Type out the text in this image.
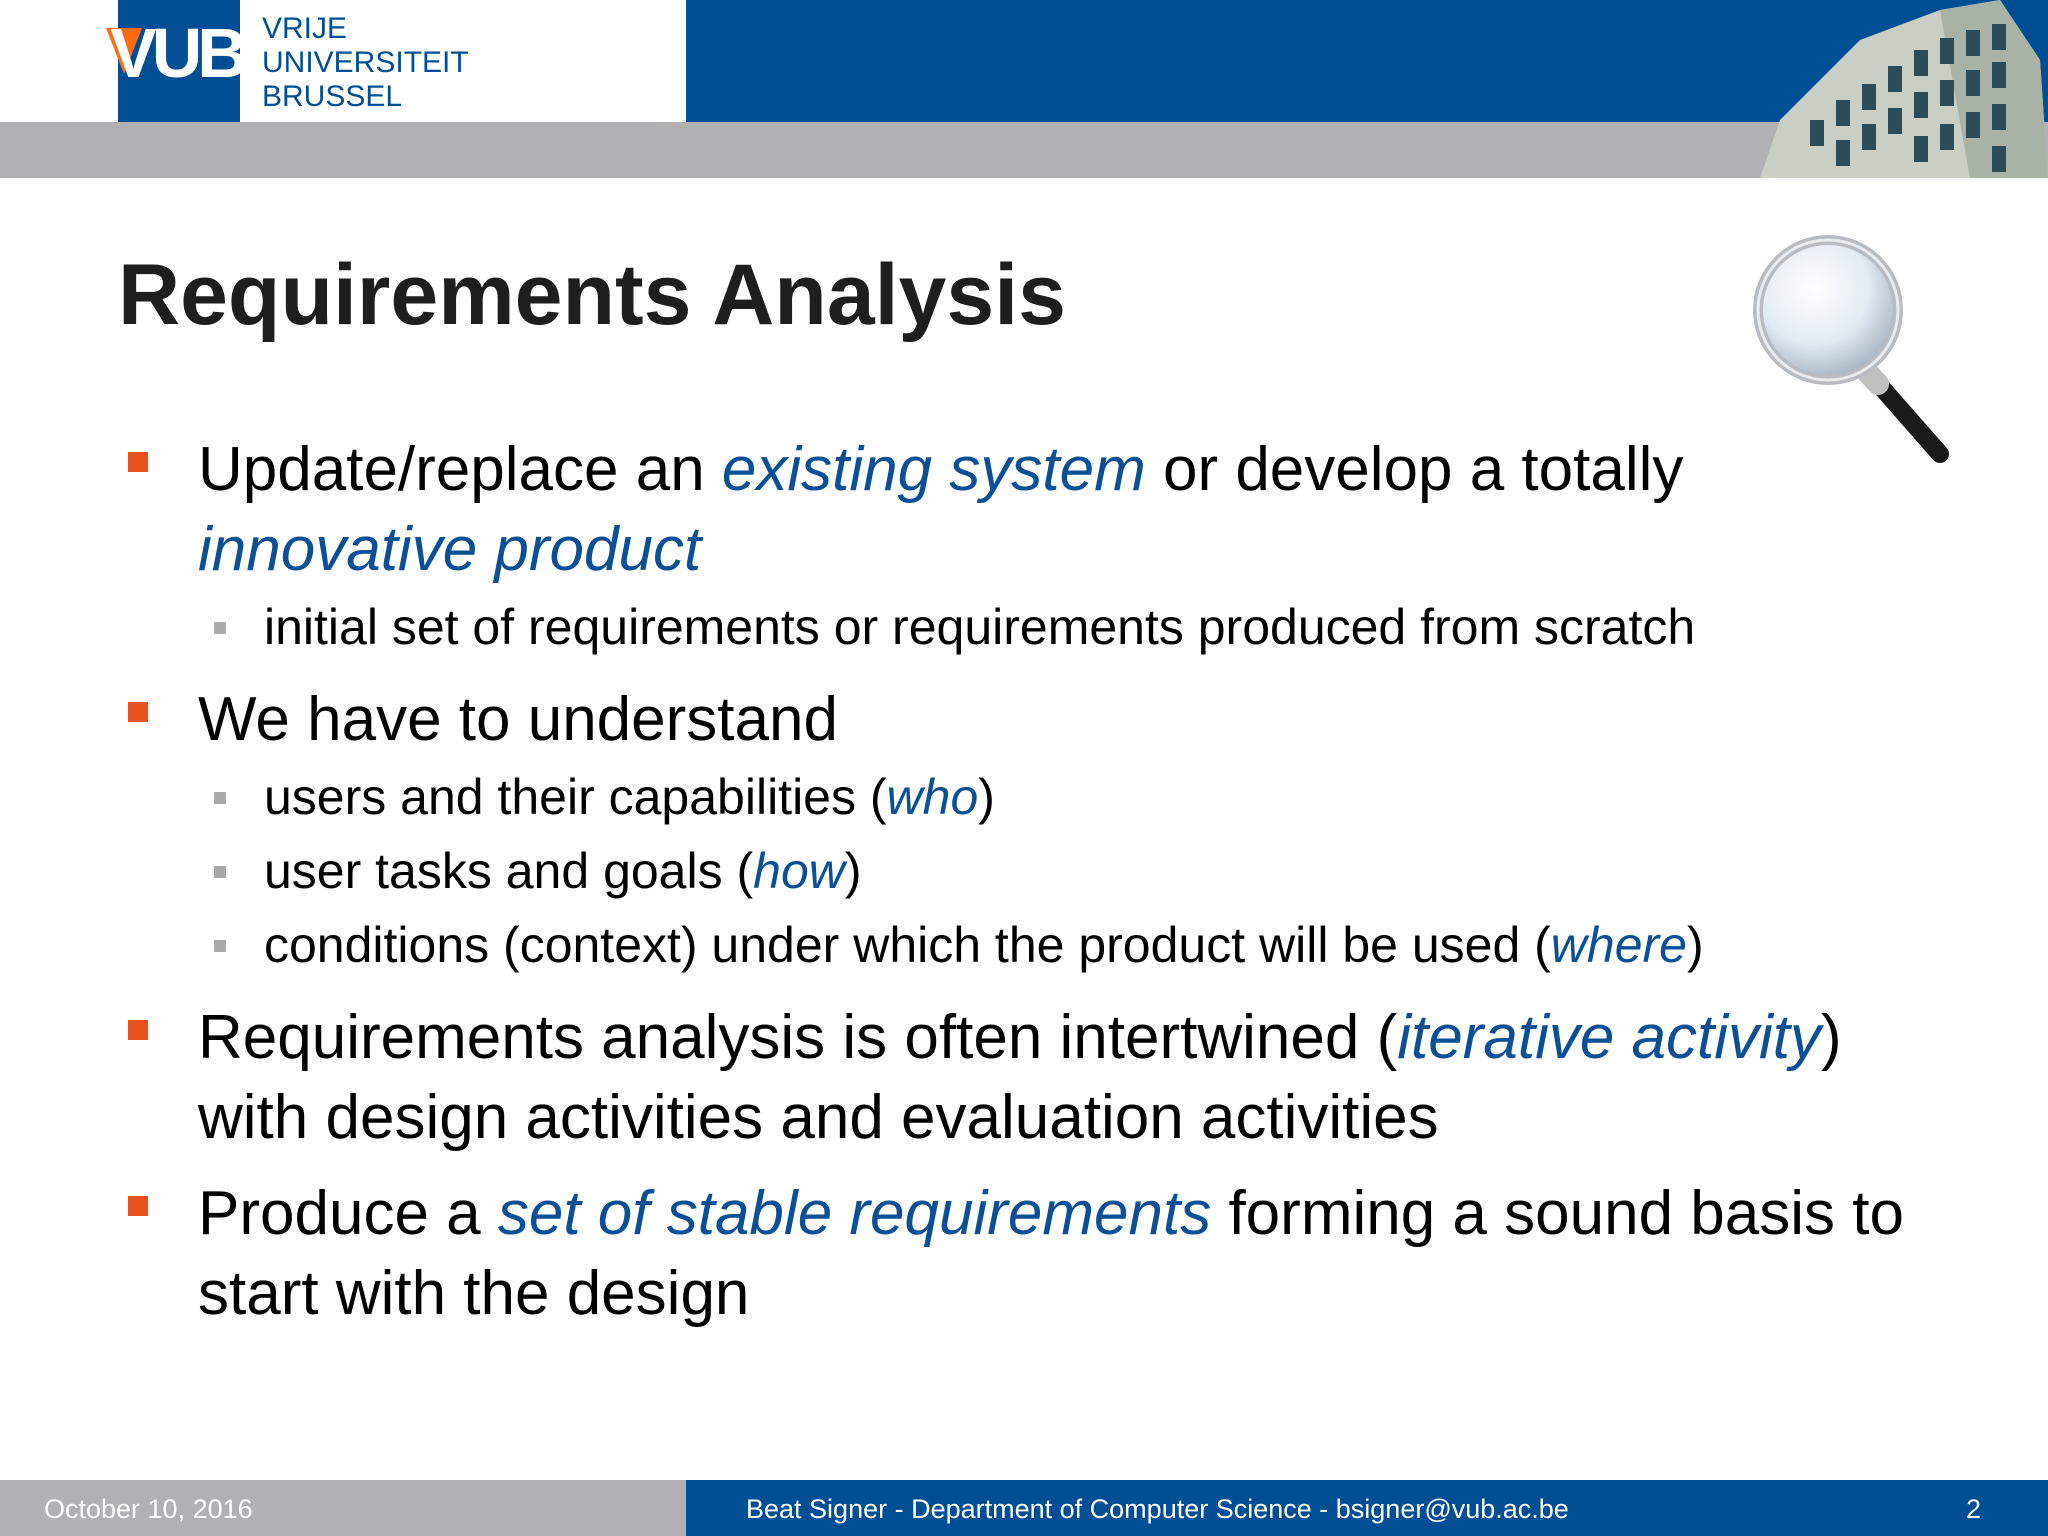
VUB VRIJE
UNIVERSITEIT
BRUSSEL
Requirements Analysis
Update/replace an existing system or develop a totally innovative product
initial set of requirements or requirements produced from scratch
We have to understand
users and their capabilities (who)
user tasks and goals (how)
conditions (context) under which the product will be used (where)
Requirements analysis is often intertwined (iterative activity) with design activities and evaluation activities
Produce a set of stable requirements forming a sound basis to start with the design
October 10, 2016	Beat Signer - Department of Computer Science - bsigner@vub.ac.be	2
